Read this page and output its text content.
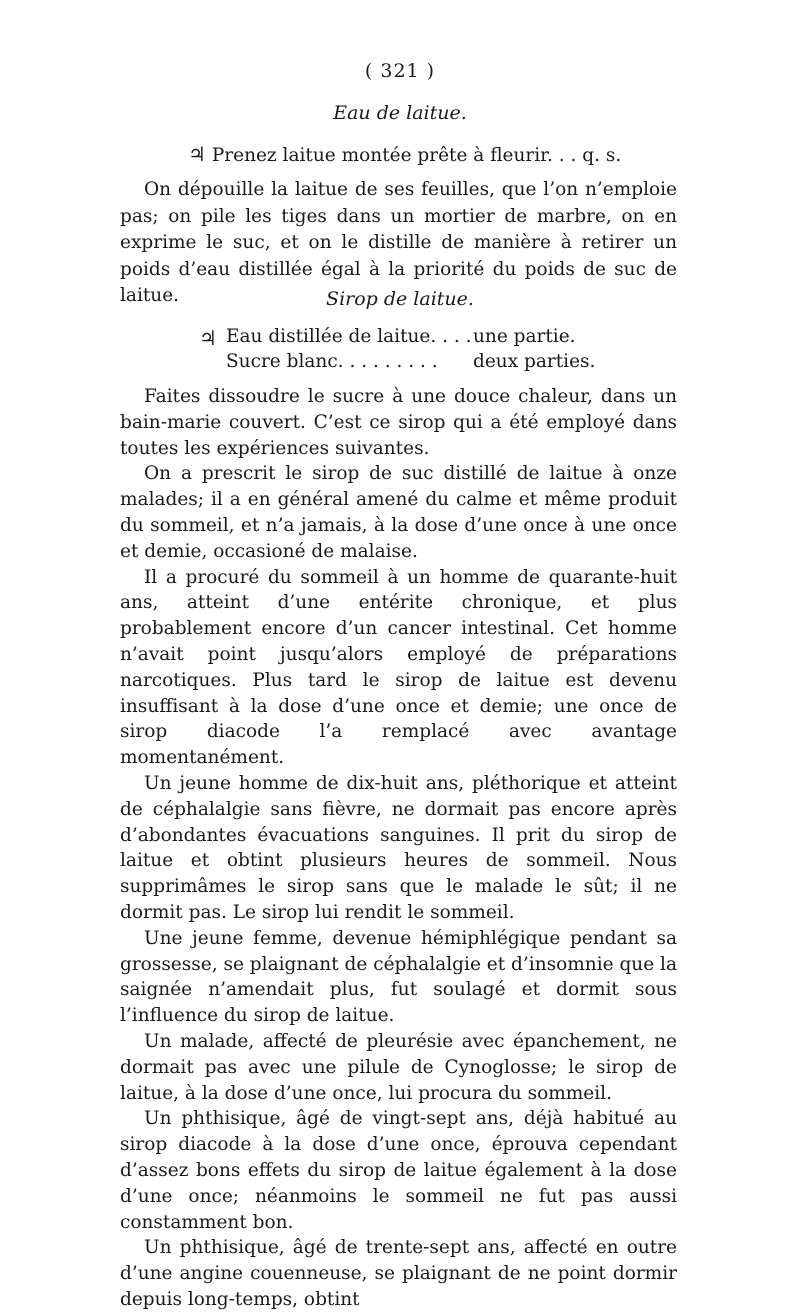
( 321 )
Eau de laitue.
♃ Prenez laitue montée prête à fleurir. . . q. s.

On dépouille la laitue de ses feuilles, que l’on n’emploie pas; on pile les tiges dans un mortier de marbre, on en exprime le suc, et on le distille de manière à retirer un poids d’eau distillée égal à la priorité du poids de suc de laitue.	Sirop de laitue.
♃ Eau distillée de laitue. . . . une partie.
Sucre blanc. . . . . . . . . deux parties.

Faites dissoudre le sucre à une douce chaleur, dans un bain-marie couvert. C’est ce sirop qui a été employé dans toutes les expériences suivantes.

On a prescrit le sirop de suc distillé de laitue à onze malades; il a en général amené du calme et même produit du sommeil, et n’a jamais, à la dose d’une once à une once et demie, occasioné de malaise.

Il a procuré du sommeil à un homme de quarante-huit ans, atteint d’une entérite chronique, et plus probablement encore d’un cancer intestinal. Cet homme n’avait point jusqu’alors employé de préparations narcotiques. Plus tard le sirop de laitue est devenu insuffisant à la dose d’une once et demie; une once de sirop diacode l’a remplacé avec avantage momentanément.

Un jeune homme de dix-huit ans, pléthorique et atteint de céphalalgie sans fièvre, ne dormait pas encore après d’abondantes évacuations sanguines. Il prit du sirop de laitue et obtint plusieurs heures de sommeil. Nous supprimâmes le sirop sans que le malade le sût; il ne dormit pas. Le sirop lui rendit le sommeil.

Une jeune femme, devenue hémiphlégique pendant sa grossesse, se plaignant de céphalalgie et d’insomnie que la saignée n’amendait plus, fut soulagé et dormit sous l’influence du sirop de laitue.

Un malade, affecté de pleurésie avec épanchement, ne dormait pas avec une pilule de Cynoglosse; le sirop de laitue, à la dose d’une once, lui procura du sommeil.

Un phthisique, âgé de vingt-sept ans, déjà habitué au sirop diacode à la dose d’une once, éprouva cependant d’assez bons effets du sirop de laitue également à la dose d’une once; néanmoins le sommeil ne fut pas aussi constamment bon.

Un phthisique, âgé de trente-sept ans, affecté en outre d’une angine couenneuse, se plaignant de ne point dormir depuis long-temps, obtint
